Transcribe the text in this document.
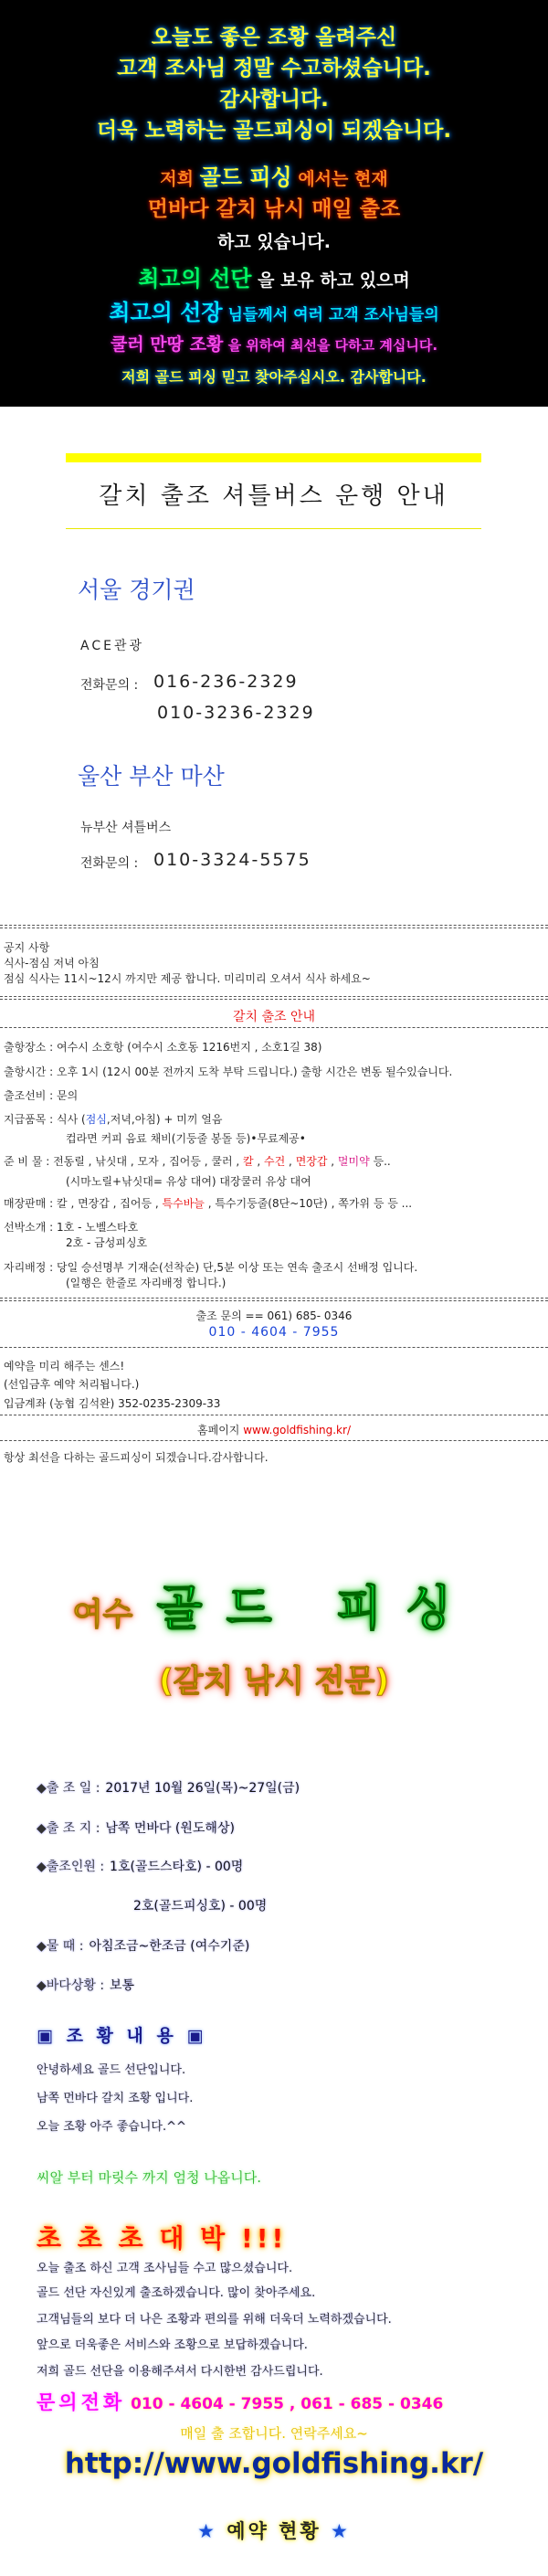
오늘도 좋은 조황 올려주신
고객 조사님 정말 수고하셨습니다.
감사합니다.
더욱 노력하는 골드피싱이 되겠습니다.
저희 골드 피싱 에서는 현재
먼바다 갈치 낚시 매일 출조
하고 있습니다.
최고의 선단 을 보유 하고 있으며
최고의 선장 님들께서 여러 고객 조사님들의
쿨러 만땅 조황 을 위하여 최선을 다하고 계십니다.
저희 골드 피싱 믿고 찾아주십시오. 감사합니다.
갈치 출조 셔틀버스 운행 안내
서울 경기권
ACE관광
전화문의 : 016-236-2329
010-3236-2329
울산 부산 마산
뉴부산 셔틀버스
전화문의 : 010-3324-5575
공지 사항
식사-점심 저녁 아침
점심 식사는 11시~12시 까지만 제공 합니다. 미리미리 오셔서 식사 하세요~
갈치 출조 안내
출항장소 : 여수시 소호항 (여수시 소호동 1216번지 , 소호1길 38)
출항시간 : 오후 1시 (12시 00분 전까지 도착 부탁 드립니다.) 출항 시간은 변동 될수있습니다.
출조선비 : 문의
지급품목 : 식사 (점심,저녁,아침) + 미끼 얼음
컵라면 커피 음료 채비(기둥줄 봉돌 등)•무료제공•
준 비 물 : 전동릴 , 낚싯대 , 모자 , 집어등 , 쿨러 , 칼 , 수건 , 면장갑 , 멀미약 등..
(시마노릴+낚싯대= 유상 대여) 대장쿨러 유상 대여
매장판매 : 칼 , 면장갑 , 집어등 , 특수바늘 , 특수기둥줄(8단~10단) , 쪽가위 등 등 ...
선박소개 : 1호 - 노벨스타호
2호 - 금성피싱호
자리배정 : 당일 승선명부 기재순(선착순) 단,5분 이상 또는 연속 출조시 선배정 입니다.
(일행은 한줄로 자리배정 합니다.)
출조 문의 == 061) 685- 0346
010 - 4604 - 7955
예약을 미리 해주는 센스!
(선입금후 예약 처리됩니다.)
입금계좌 (농협 김석완) 352-0235-2309-33
홈페이지 www.goldfishing.kr/
항상 최선을 다하는 골드피싱이 되겠습니다.감사합니다.
여수 골드 피싱
(갈치 낚시 전문)
◆출 조 일 : 2017년 10월 26일(목)~27일(금)
◆출 조 지 : 남쪽 먼바다 (원도해상)
◆출조인원 : 1호(골드스타호) - 00명
2호(골드피싱호) - 00명
◆물 때 : 아침조금~한조금 (여수기준)
◆바다상황 : 보통
▣ 조 황 내 용 ▣
안녕하세요 골드 선단입니다.
남쪽 먼바다 갈치 조황 입니다.
오늘 조황 아주 좋습니다.^^
씨알 부터 마릿수 까지 엄청 나옵니다.
초 초 초 대 박 !!!
오늘 출조 하신 고객 조사님들 수고 많으셨습니다.
골드 선단 자신있게 출조하겠습니다. 많이 찾아주세요.
고객님들의 보다 더 나은 조황과 편의를 위해 더욱더 노력하겠습니다.
앞으로 더욱좋은 서비스와 조황으로 보답하겠습니다.
저희 골드 선단을 이용해주셔서 다시한번 감사드립니다.
문의전화 010 - 4604 - 7955 , 061 - 685 - 0346
매일 출 조합니다. 연락주세요~
http://www.goldfishing.kr/
★ 예약 현황 ★
